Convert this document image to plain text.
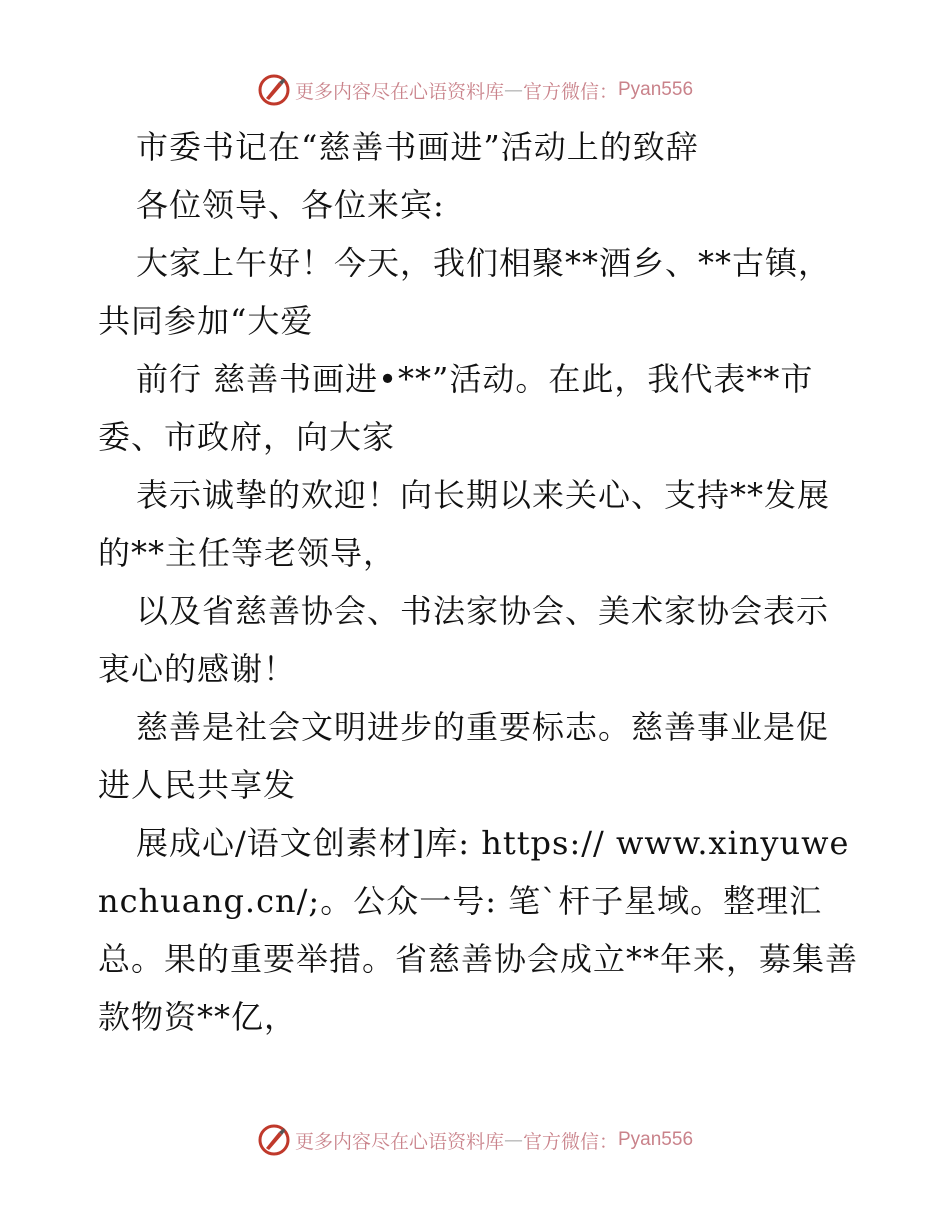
更多内容尽在心语资料库 — 官方微信： Pyan556

市委书记在“慈善书画进”活动上的致辞

各位领导、各位来宾:

大家上午好！今天，我们相聚**酒乡、**古镇，共同参加“大爱

前行 慈善书画进•**”活动。在此，我代表**市委、市政府，向大家

表示诚挚的欢迎！向长期以来关心、支持**发展的**主任等老领导，

以及省慈善协会、书法家协会、美术家协会表示衷心的感谢！

慈善是社会文明进步的重要标志。慈善事业是促进人民共享发

展成心/语文创素材]库: https:// www.xinyuwenchuang.cn/;。公众一号: 笔`杆子星域。整理汇总。果的重要举措。省慈善协会成立**年来，募集善款物资**亿，

更多内容尽在心语资料库 — 官方微信： Pyan556
